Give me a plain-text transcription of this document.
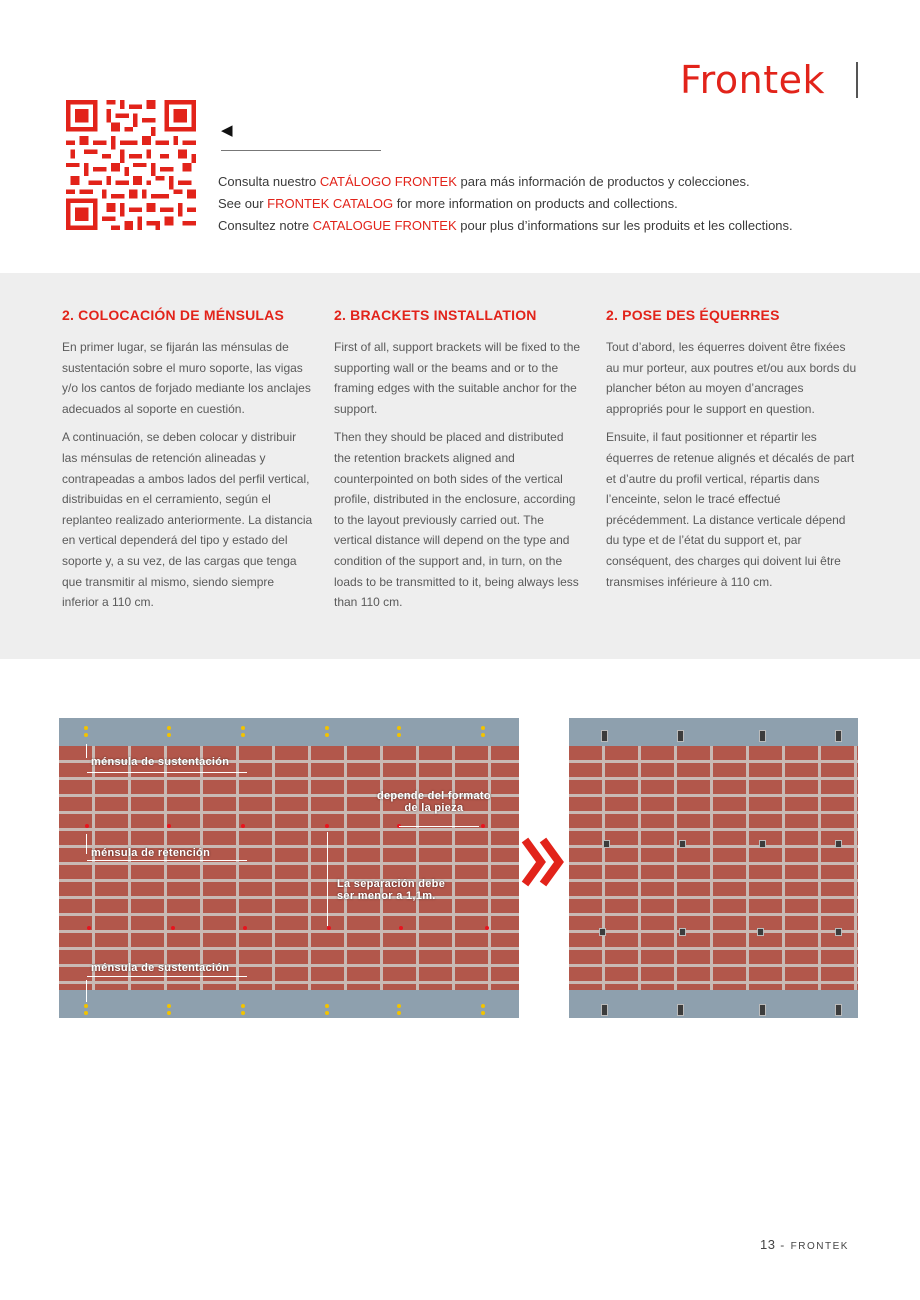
Frontek
◀
Consulta nuestro CATÁLOGO FRONTEK para más información de productos y colecciones.
See our FRONTEK CATALOG for more information on products and collections.
Consultez notre CATALOGUE FRONTEK pour plus d’informations sur les produits et les collections.
2. COLOCACIÓN DE MÉNSULAS

En primer lugar, se fijarán las ménsulas de sustentación sobre el muro soporte, las vigas y/o los cantos de forjado mediante los anclajes adecuados al soporte en cuestión.

A continuación, se deben colocar y distribuir las ménsulas de retención alineadas y contrapeadas a ambos lados del perfil vertical, distribuidas en el cerramiento, según el replanteo realizado anteriormente. La distancia en vertical dependerá del tipo y estado del soporte y, a su vez, de las cargas que tenga que transmitir al mismo, siendo siempre inferior a 110 cm.

2. BRACKETS INSTALLATION

First of all, support brackets will be fixed to the supporting wall or the beams and or to the framing edges with the suitable anchor for the support.

Then they should be placed and distributed the retention brackets aligned and counterpointed on both sides of the vertical profile, distributed in the enclosure, according to the layout previously carried out. The vertical distance will depend on the type and condition of the support and, in turn, on the loads to be transmitted to it, being always less than 110 cm.

2. POSE DES ÉQUERRES

Tout d’abord, les équerres doivent être fixées au mur porteur, aux poutres et/ou aux bords du plancher béton au moyen d’ancrages appropriés pour le support en question.

Ensuite, il faut positionner et répartir les équerres de retenue alignés et décalés de part et d’autre du profil vertical, répartis dans l’enceinte, selon le tracé effectué précédemment. La distance verticale dépend du type et de l’état du support et, par conséquent, des charges qui doivent lui être transmises inférieure à 110 cm.

ménsula de sustentación
depende del formato
de la pieza
ménsula de retención
La separación debe
ser menor a 1,1m.
ménsula de sustentación
13 - FRONTEK
